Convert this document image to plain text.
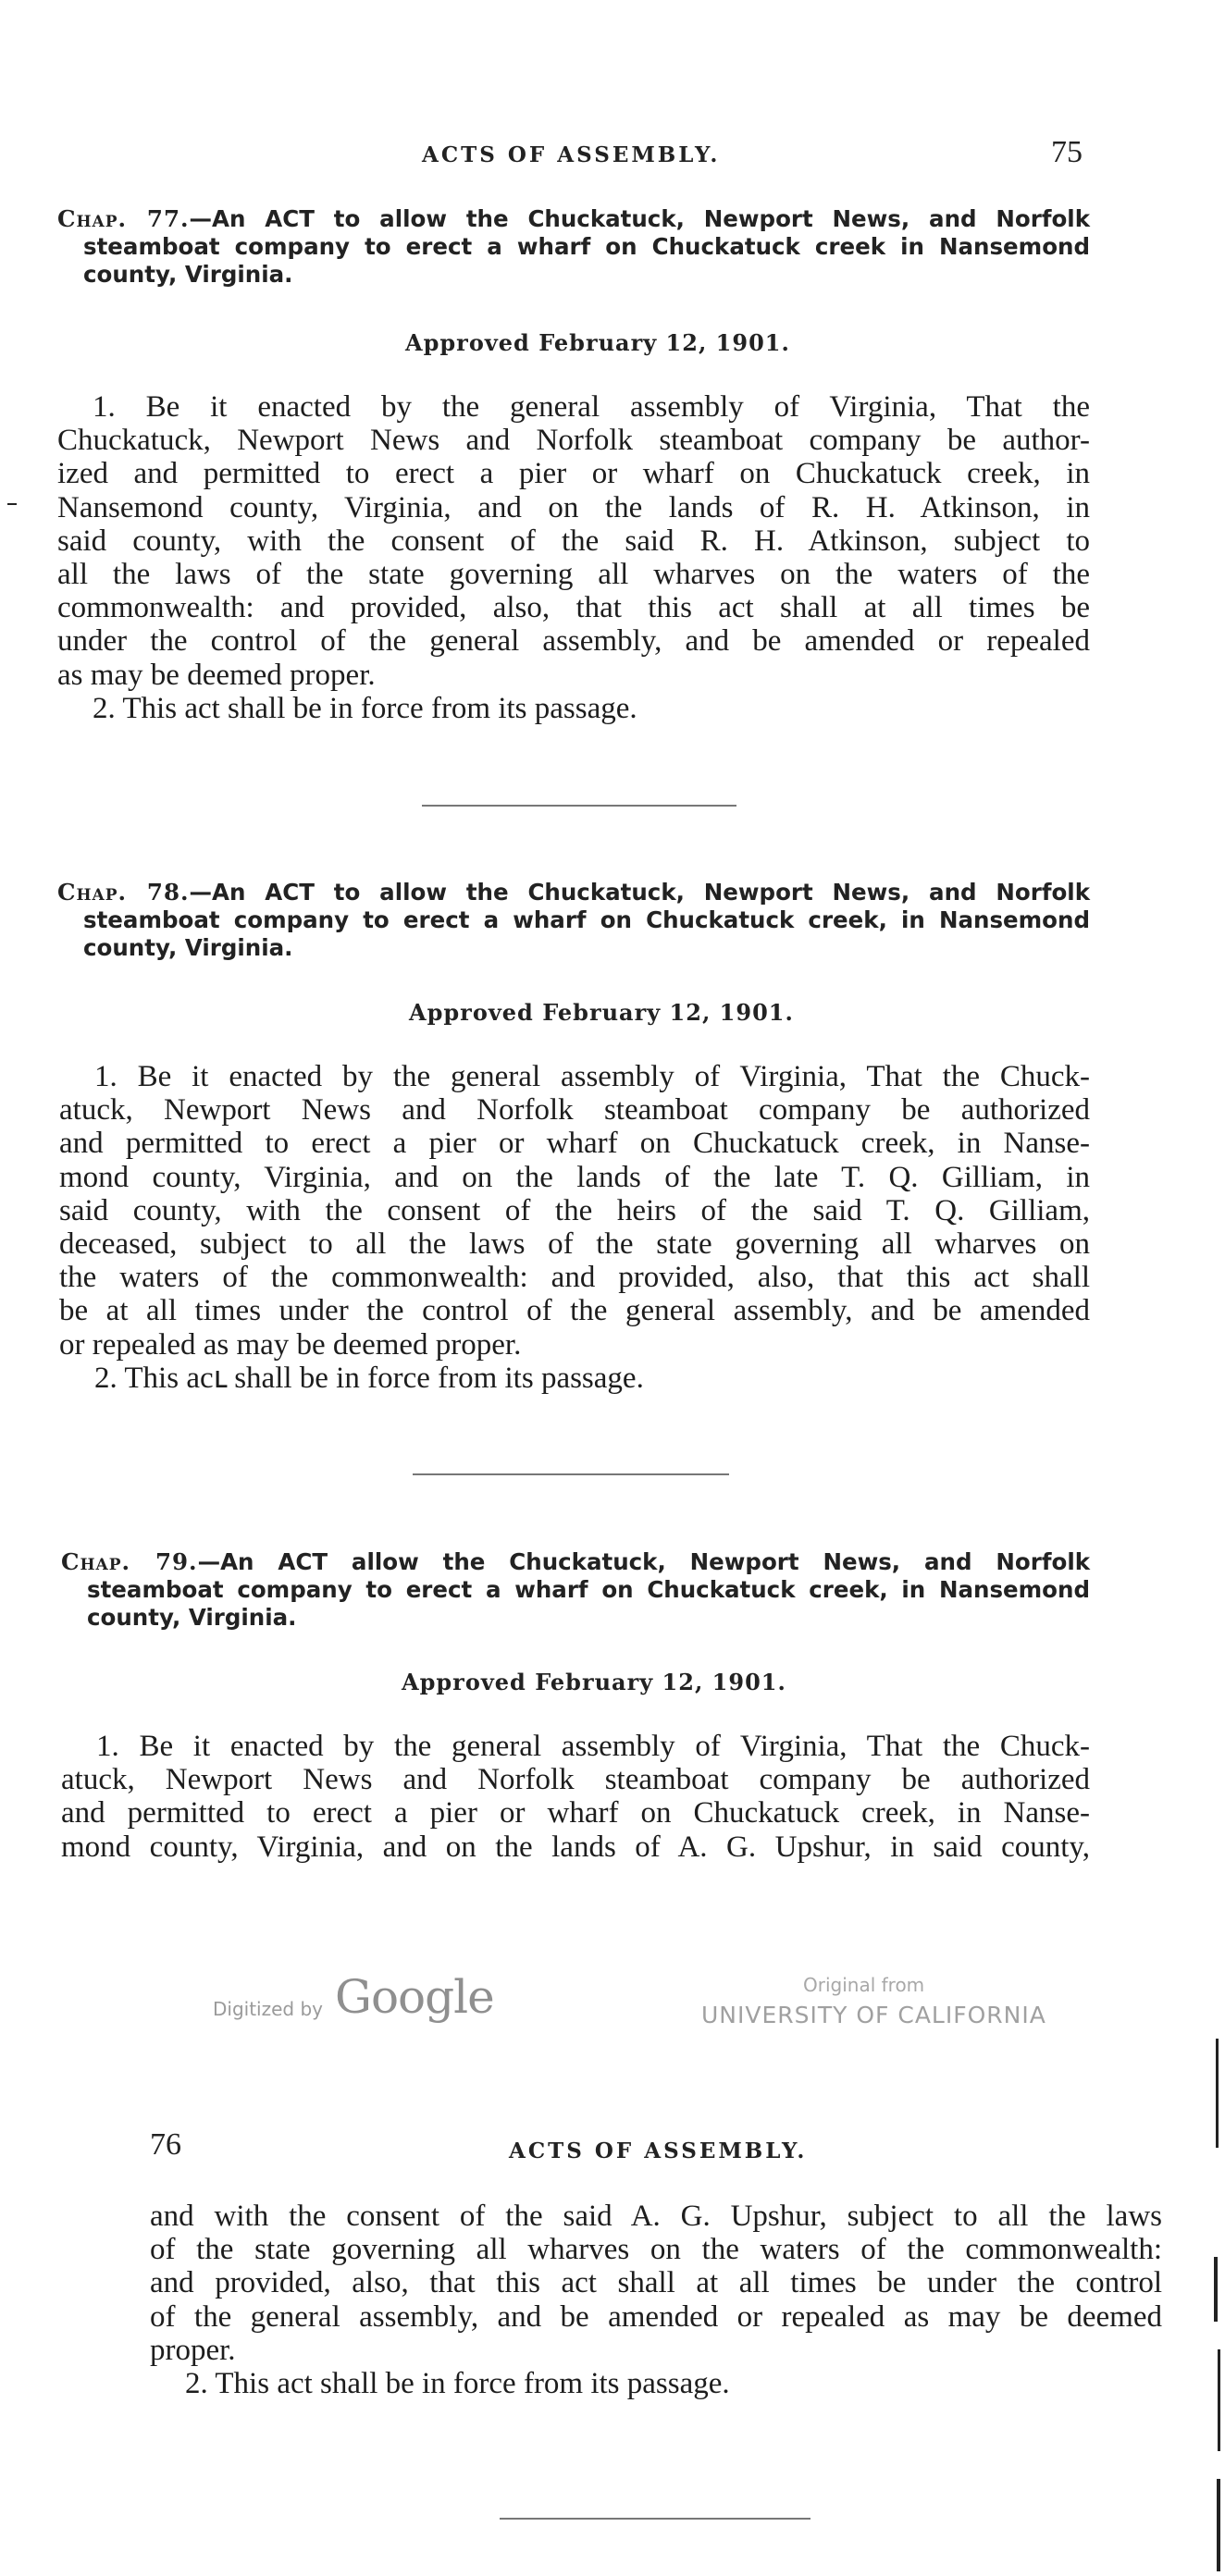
ACTS OF ASSEMBLY.	75
Chap. 77.—An ACT to allow the Chuckatuck, Newport News, and Norfolk
steamboat company to erect a wharf on Chuckatuck creek in Nansemond
county, Virginia.
Approved February 12, 1901.
1. Be it enacted by the general assembly of Virginia, That the
Chuckatuck, Newport News and Norfolk steamboat company be author-
ized and permitted to erect a pier or wharf on Chuckatuck creek, in
Nansemond county, Virginia, and on the lands of R. H. Atkinson, in
said county, with the consent of the said R. H. Atkinson, subject to
all the laws of the state governing all wharves on the waters of the
commonwealth: and provided, also, that this act shall at all times be
under the control of the general assembly, and be amended or repealed
as may be deemed proper.
2. This act shall be in force from its passage.
Chap. 78.—An ACT to allow the Chuckatuck, Newport News, and Norfolk
steamboat company to erect a wharf on Chuckatuck creek, in Nansemond
county, Virginia.
Approved February 12, 1901.
1. Be it enacted by the general assembly of Virginia, That the Chuck-
atuck, Newport News and Norfolk steamboat company be authorized
and permitted to erect a pier or wharf on Chuckatuck creek, in Nanse-
mond county, Virginia, and on the lands of the late T. Q. Gilliam, in
said county, with the consent of the heirs of the said T. Q. Gilliam,
deceased, subject to all the laws of the state governing all wharves on
the waters of the commonwealth: and provided, also, that this act shall
be at all times under the control of the general assembly, and be amended
or repealed as may be deemed proper.
2. This acւ shall be in force from its passage.
Chap. 79.—An ACT allow the Chuckatuck, Newport News, and Norfolk
steamboat company to erect a wharf on Chuckatuck creek, in Nansemond
county, Virginia.
Approved February 12, 1901.
1. Be it enacted by the general assembly of Virginia, That the Chuck-
atuck, Newport News and Norfolk steamboat company be authorized
and permitted to erect a pier or wharf on Chuckatuck creek, in Nanse-
mond county, Virginia, and on the lands of A. G. Upshur, in said county,
Digitized by Google	Original from
UNIVERSITY OF CALIFORNIA
76	ACTS OF ASSEMBLY.
and with the consent of the said A. G. Upshur, subject to all the laws
of the state governing all wharves on the waters of the commonwealth:
and provided, also, that this act shall at all times be under the control
of the general assembly, and be amended or repealed as may be deemed
proper.
2. This act shall be in force from its passage.
